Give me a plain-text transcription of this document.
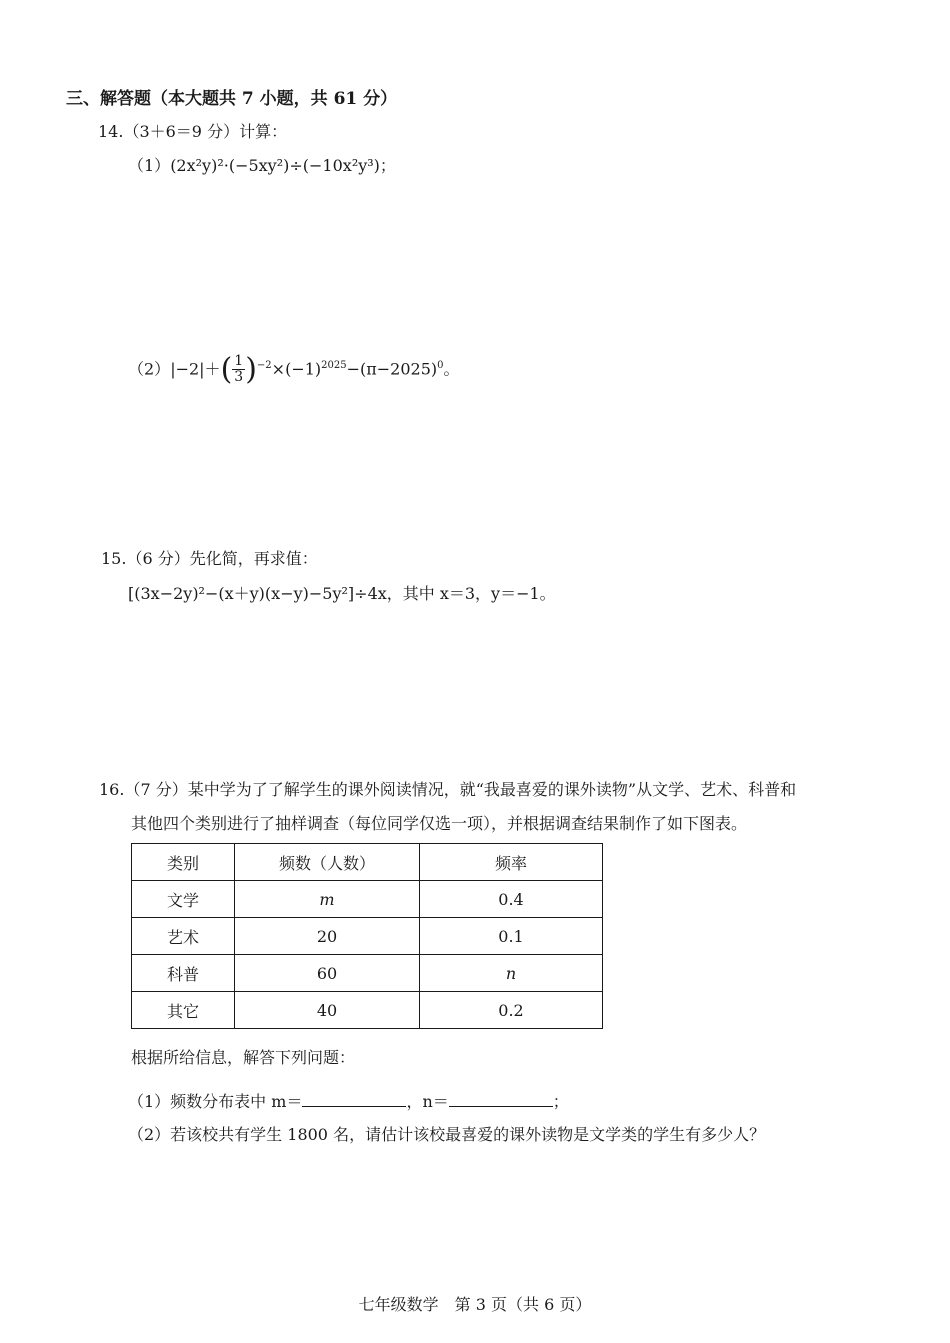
三、解答题（本大题共 7 小题，共 61 分）
14.（3＋6＝9 分）计算：
（1）(2x²y)²·(−5xy²)÷(−10x²y³)；
$(2)|-2|+( \frac{1}{3} )^{-2}\times(-1)^{2025}-(\pi-2025)^0$。
15.（6 分）先化简，再求值：
[(3x−2y)²−(x＋y)(x−y)−5y²]÷4x，其中 x＝3，y＝−1。
16.（7 分）某中学为了了解学生的课外阅读情况，就“我最喜爱的课外读物”从文学、艺术、科普和
其他四个类别进行了抽样调查（每位同学仅选一项），并根据调查结果制作了如下图表。
类别	频数（人数）	频率
文学	m	0.4
艺术	20	0.1
科普	60	n
其它	40	0.2
根据所给信息，解答下列问题：
（1）频数分布表中 m＝	，n＝	；
（2）若该校共有学生 1800 名，请估计该校最喜爱的课外读物是文学类的学生有多少人？
七年级数学　第 3 页（共 6 页）
